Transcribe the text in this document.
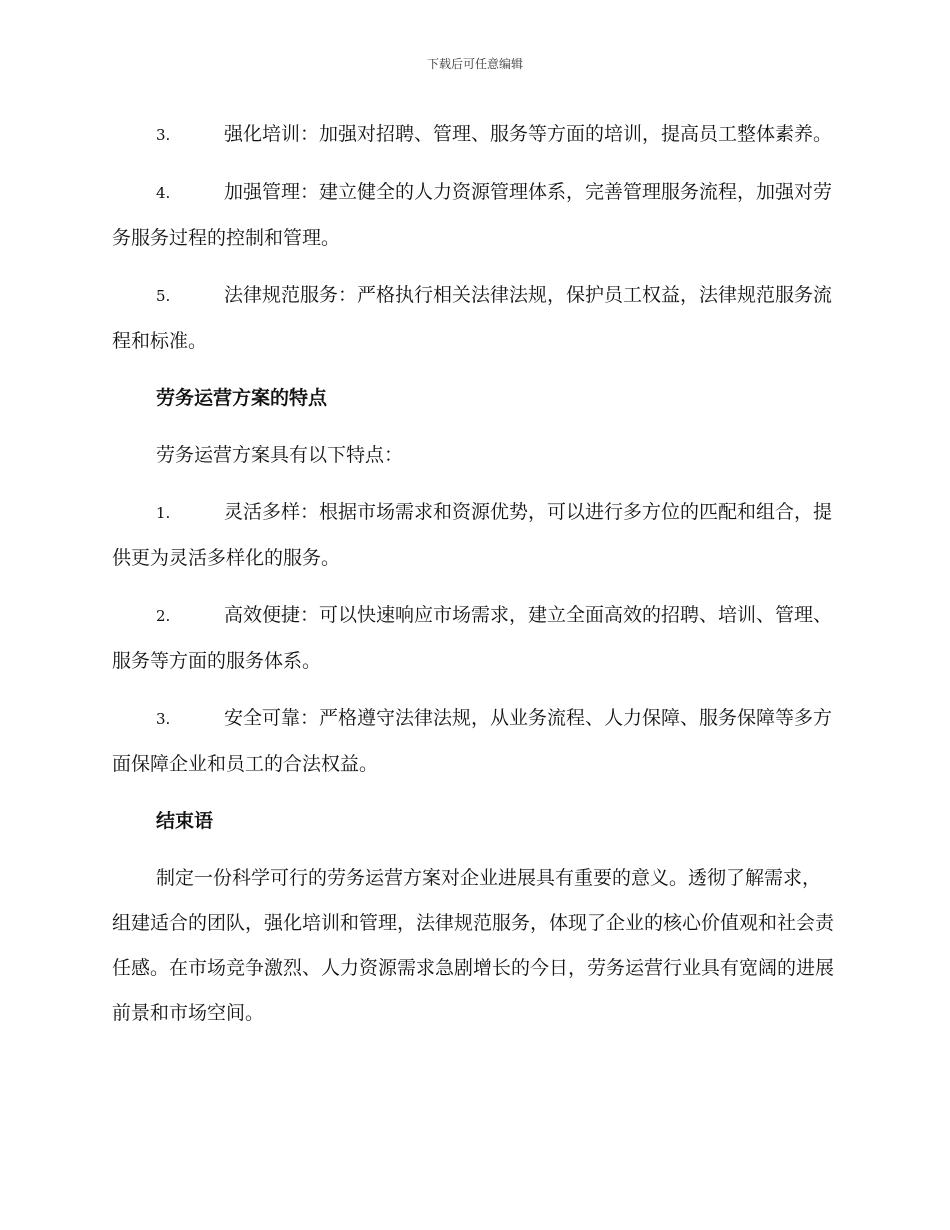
下载后可任意编辑

3.	强化培训：加强对招聘、管理、服务等方面的培训，提高员工整体素养。

4.	加强管理：建立健全的人力资源管理体系，完善管理服务流程，加强对劳务服务过程的控制和管理。

5.	法律规范服务：严格执行相关法律法规，保护员工权益，法律规范服务流程和标准。

劳务运营方案的特点

劳务运营方案具有以下特点：

1.	灵活多样：根据市场需求和资源优势，可以进行多方位的匹配和组合，提供更为灵活多样化的服务。

2.	高效便捷：可以快速响应市场需求，建立全面高效的招聘、培训、管理、服务等方面的服务体系。

3.	安全可靠：严格遵守法律法规，从业务流程、人力保障、服务保障等多方面保障企业和员工的合法权益。

结束语

制定一份科学可行的劳务运营方案对企业进展具有重要的意义。透彻了解需求，组建适合的团队，强化培训和管理，法律规范服务，体现了企业的核心价值观和社会责任感。在市场竞争激烈、人力资源需求急剧增长的今日，劳务运营行业具有宽阔的进展前景和市场空间。
